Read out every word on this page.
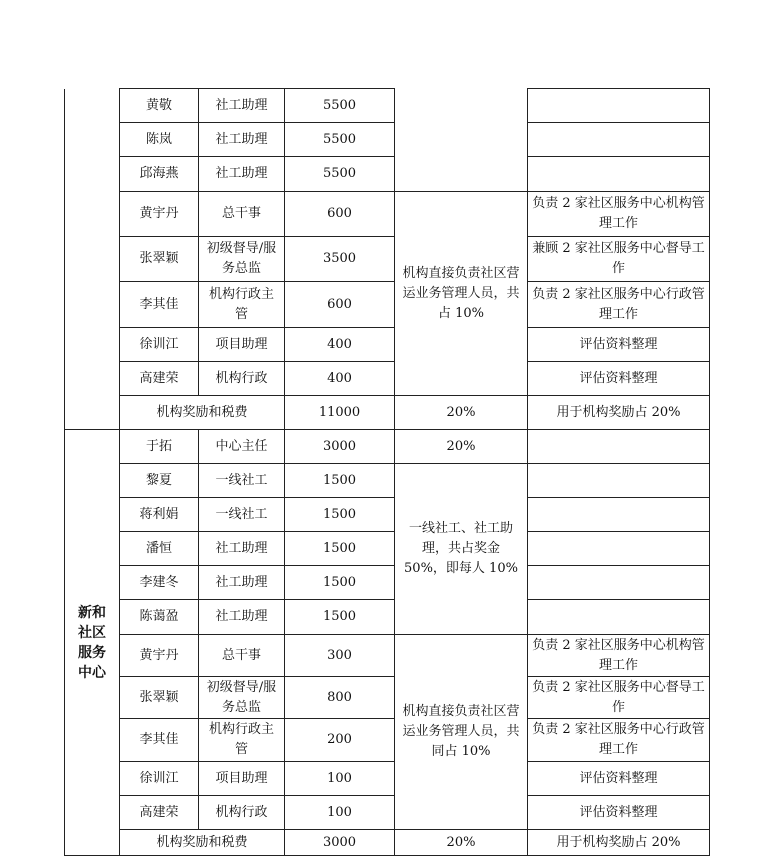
	黄敬	社工助理	5500		
	陈岚	社工助理	5500		
	邱海燕	社工助理	5500		
	黄宇丹	总干事	600	机构直接负责社区营运业务管理人员，共占 10%	负责 2 家社区服务中心机构管理工作
	张翠颖	初级督导/服务总监	3500		兼顾 2 家社区服务中心督导工作
	李其佳	机构行政主管	600		负责 2 家社区服务中心行政管理工作
	徐训江	项目助理	400		评估资料整理
	高建荣	机构行政	400		评估资料整理
	机构奖励和税费		11000	20%	用于机构奖励占 20%
新和社区服务中心	于拓	中心主任	3000	20%	
	黎夏	一线社工	1500	一线社工、社工助理，共占奖金 50%，即每人 10%	
	蒋利娟	一线社工	1500		
	潘恒	社工助理	1500		
	李建冬	社工助理	1500		
	陈蔼盈	社工助理	1500		
	黄宇丹	总干事	300	机构直接负责社区营运业务管理人员，共同占 10%	负责 2 家社区服务中心机构管理工作
	张翠颖	初级督导/服务总监	800		负责 2 家社区服务中心督导工作
	李其佳	机构行政主管	200		负责 2 家社区服务中心行政管理工作
	徐训江	项目助理	100		评估资料整理
	高建荣	机构行政	100		评估资料整理
	机构奖励和税费		3000	20%	用于机构奖励占 20%
